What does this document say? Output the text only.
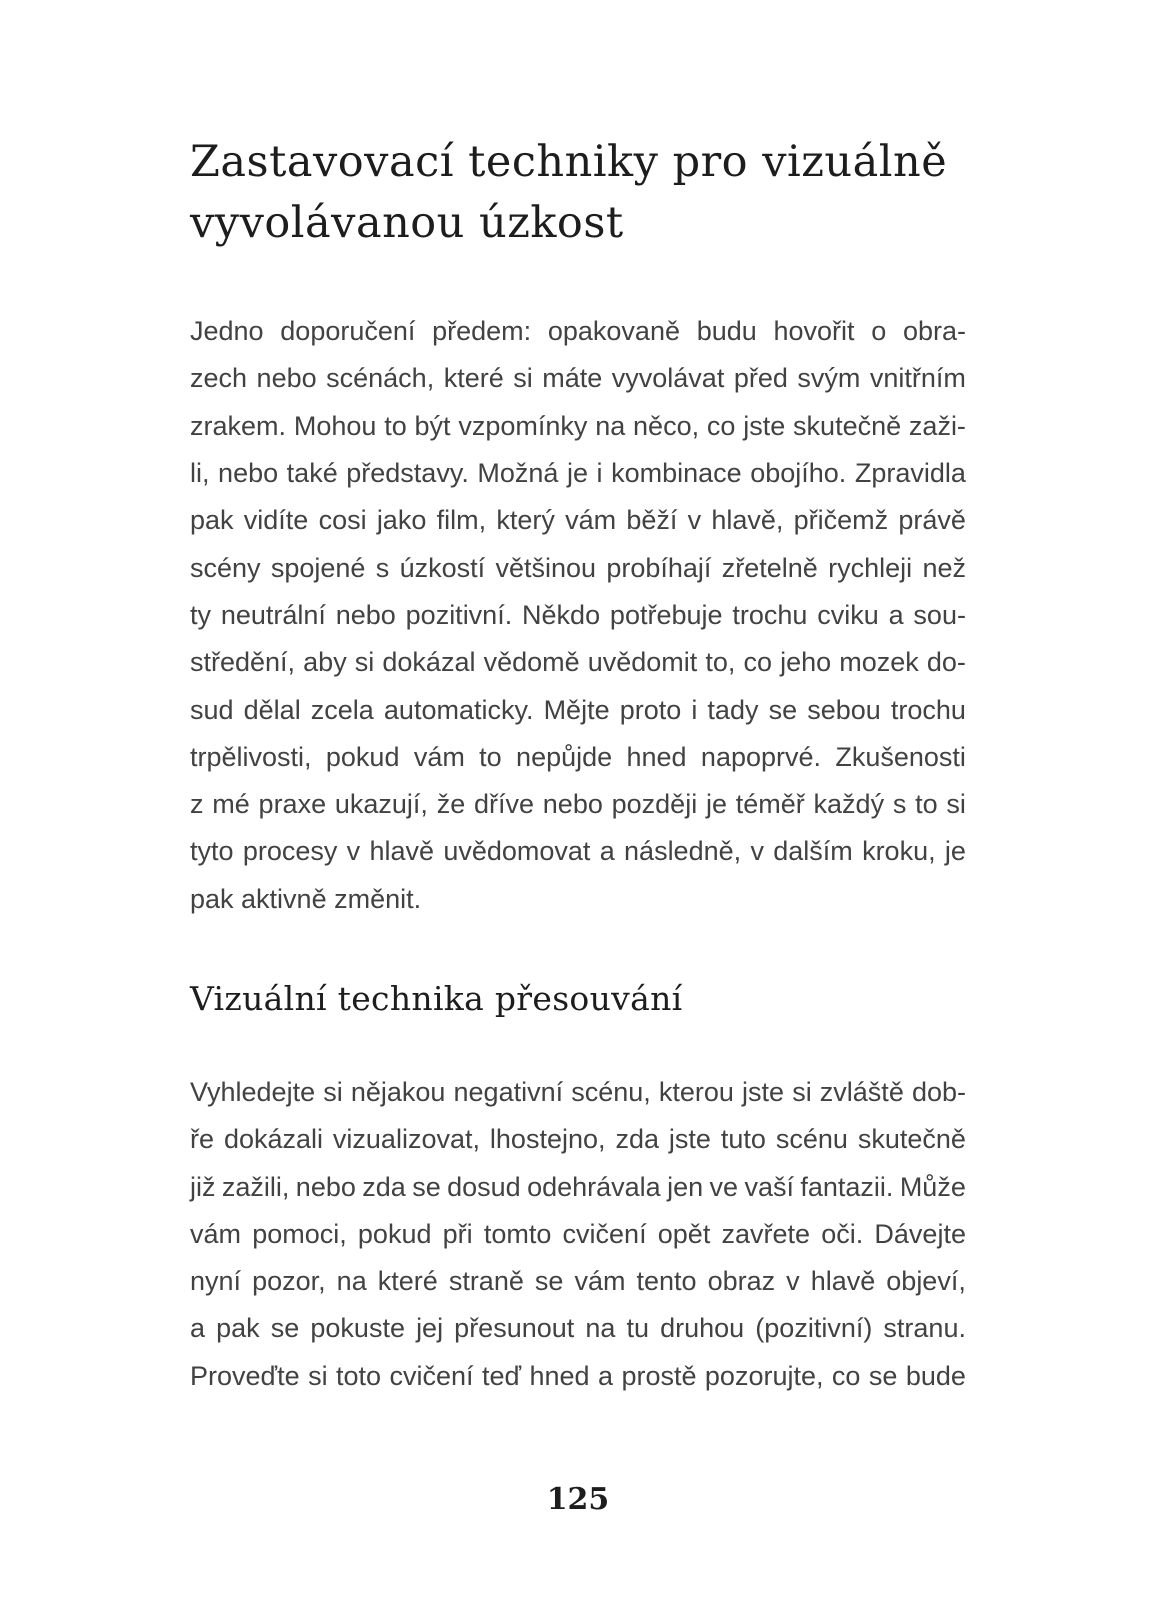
Zastavovací techniky pro vizuálně
vyvolávanou úzkost
Jedno doporučení předem: opakovaně budu hovořit o obra-
zech nebo scénách, které si máte vyvolávat před svým vnitřním
zrakem. Mohou to být vzpomínky na něco, co jste skutečně zaži-
li, nebo také představy. Možná je i kombinace obojího. Zpravidla
pak vidíte cosi jako film, který vám běží v hlavě, přičemž právě
scény spojené s úzkostí většinou probíhají zřetelně rychleji než
ty neutrální nebo pozitivní. Někdo potřebuje trochu cviku a sou-
středění, aby si dokázal vědomě uvědomit to, co jeho mozek do-
sud dělal zcela automaticky. Mějte proto i tady se sebou trochu
trpělivosti, pokud vám to nepůjde hned napoprvé. Zkušenosti
z mé praxe ukazují, že dříve nebo později je téměř každý s to si
tyto procesy v hlavě uvědomovat a následně, v dalším kroku, je
pak aktivně změnit.
Vizuální technika přesouvání
Vyhledejte si nějakou negativní scénu, kterou jste si zvláště dob-
ře dokázali vizualizovat, lhostejno, zda jste tuto scénu skutečně
již zažili, nebo zda se dosud odehrávala jen ve vaší fantazii. Může
vám pomoci, pokud při tomto cvičení opět zavřete oči. Dávejte
nyní pozor, na které straně se vám tento obraz v hlavě objeví,
a pak se pokuste jej přesunout na tu druhou (pozitivní) stranu.
Proveďte si toto cvičení teď hned a prostě pozorujte, co se bude
125
